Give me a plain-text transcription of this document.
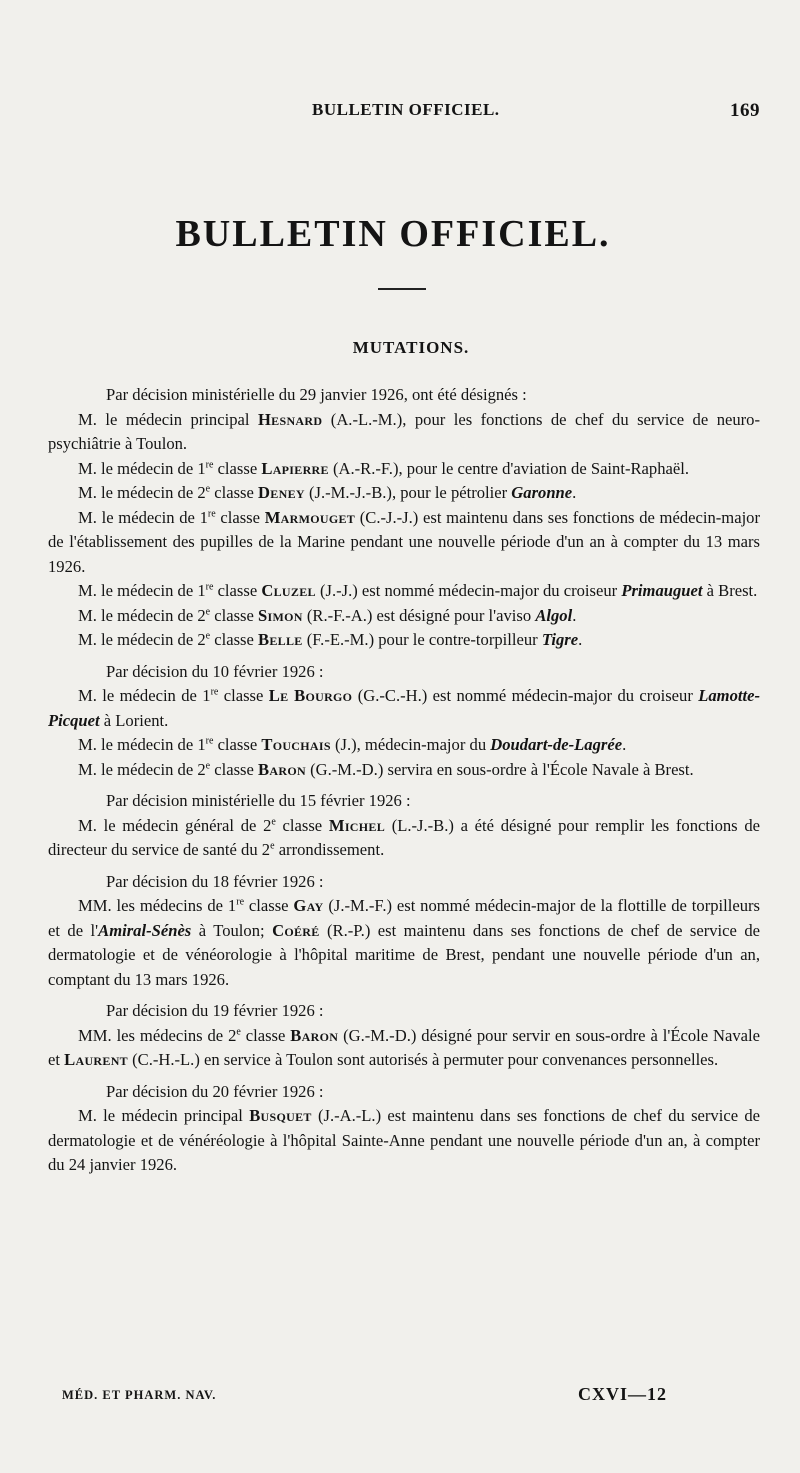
BULLETIN OFFICIEL.	169
BULLETIN OFFICIEL.
MUTATIONS.

Par décision ministérielle du 29 janvier 1926, ont été désignés :

M. le médecin principal Hesnard (A.-L.-M.), pour les fonctions de chef du service de neuro-psychiâtrie à Toulon.

M. le médecin de 1re classe Lapierre (A.-R.-F.), pour le centre d'aviation de Saint-Raphaël.

M. le médecin de 2e classe Deney (J.-M.-J.-B.), pour le pétrolier Garonne.

M. le médecin de 1re classe Marmouget (C.-J.-J.) est maintenu dans ses fonctions de médecin-major de l'établissement des pupilles de la Marine pendant une nouvelle période d'un an à compter du 13 mars 1926.

M. le médecin de 1re classe Cluzel (J.-J.) est nommé médecin-major du croiseur Primauguet à Brest.

M. le médecin de 2e classe Simon (R.-F.-A.) est désigné pour l'aviso Algol.

M. le médecin de 2e classe Belle (F.-E.-M.) pour le contre-torpilleur Tigre.

Par décision du 10 février 1926 :

M. le médecin de 1re classe Le Bourgo (G.-C.-H.) est nommé médecin-major du croiseur Lamotte-Picquet à Lorient.

M. le médecin de 1re classe Touchais (J.), médecin-major du Doudart-de-Lagrée.

M. le médecin de 2e classe Baron (G.-M.-D.) servira en sous-ordre à l'École Navale à Brest.

Par décision ministérielle du 15 février 1926 :

M. le médecin général de 2e classe Michel (L.-J.-B.) a été désigné pour remplir les fonctions de directeur du service de santé du 2e arrondissement.

Par décision du 18 février 1926 :

MM. les médecins de 1re classe Gay (J.-M.-F.) est nommé médecin-major de la flottille de torpilleurs et de l'Amiral-Sénès à Toulon; Coéré (R.-P.) est maintenu dans ses fonctions de chef de service de dermatologie et de vénéorologie à l'hôpital maritime de Brest, pendant une nouvelle période d'un an, comptant du 13 mars 1926.

Par décision du 19 février 1926 :

MM. les médecins de 2e classe Baron (G.-M.-D.) désigné pour servir en sous-ordre à l'École Navale et Laurent (C.-H.-L.) en service à Toulon sont autorisés à permuter pour convenances personnelles.

Par décision du 20 février 1926 :

M. le médecin principal Busquet (J.-A.-L.) est maintenu dans ses fonctions de chef du service de dermatologie et de vénéréologie à l'hôpital Sainte-Anne pendant une nouvelle période d'un an, à compter du 24 janvier 1926.

MÉD. ET PHARM. NAV.	CXVI—12
